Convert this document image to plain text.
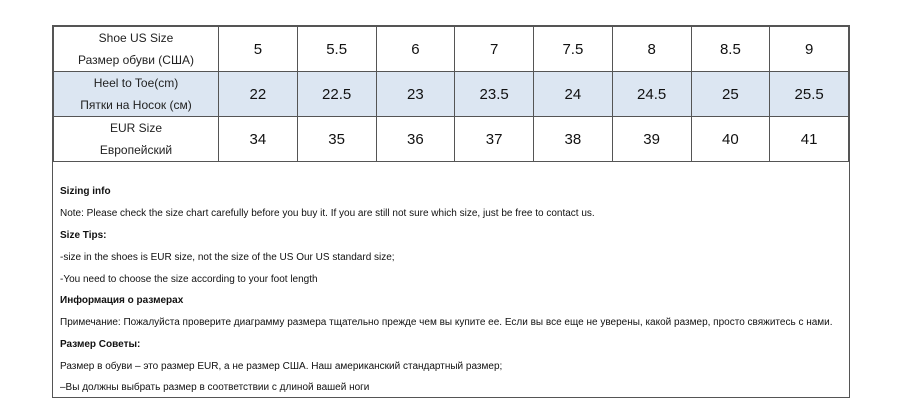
Shoe US Size
Размер обуви (США)	5	5.5	6	7	7.5	8	8.5	9

Heel to Toe(cm)
Пятки на Носок (см)	22	22.5	23	23.5	24	24.5	25	25.5

EUR Size
Европейский	34	35	36	37	38	39	40	41

Sizing info

Note: Please check the size chart carefully before you buy it. If you are still not sure which size, just be free to contact us.

Size Tips:

-size in the shoes is EUR size, not the size of the US Our US standard size;

-You need to choose the size according to your foot length

Информация о размерах

Примечание: Пожалуйста проверите диаграмму размера тщательно прежде чем вы купите ее. Если вы все еще не уверены, какой размер, просто свяжитесь с нами.

Размер Советы:

Размер в обуви – это размер EUR, а не размер США. Наш американский стандартный размер;

–Вы должны выбрать размер в соответствии с длиной вашей ноги
